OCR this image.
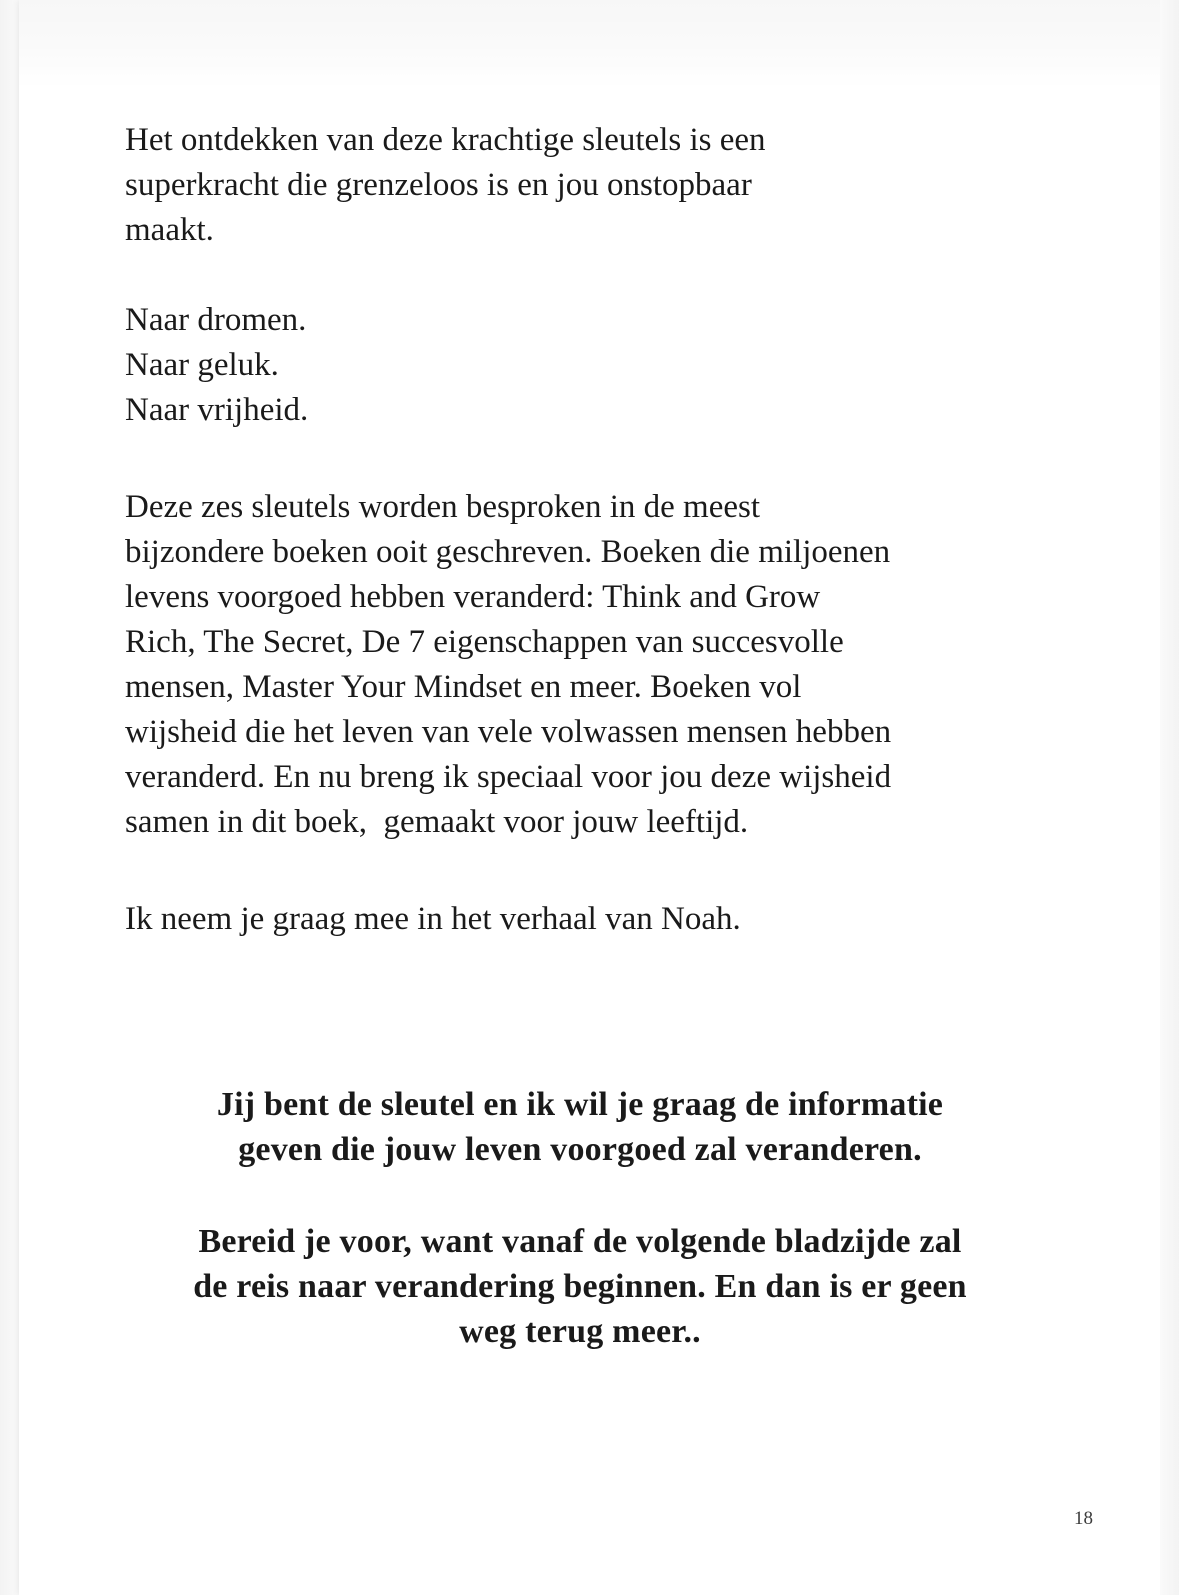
Het ontdekken van deze krachtige sleutels is een
superkracht die grenzeloos is en jou onstopbaar
maakt.
Naar dromen.
Naar geluk.
Naar vrijheid.
Deze zes sleutels worden besproken in de meest
bijzondere boeken ooit geschreven. Boeken die miljoenen
levens voorgoed hebben veranderd: Think and Grow
Rich, The Secret, De 7 eigenschappen van succesvolle
mensen, Master Your Mindset en meer. Boeken vol
wijsheid die het leven van vele volwassen mensen hebben
veranderd. En nu breng ik speciaal voor jou deze wijsheid
samen in dit boek,  gemaakt voor jouw leeftijd.
Ik neem je graag mee in het verhaal van Noah.
Jij bent de sleutel en ik wil je graag de informatie
geven die jouw leven voorgoed zal veranderen.
Bereid je voor, want vanaf de volgende bladzijde zal
de reis naar verandering beginnen. En dan is er geen
weg terug meer..
18
